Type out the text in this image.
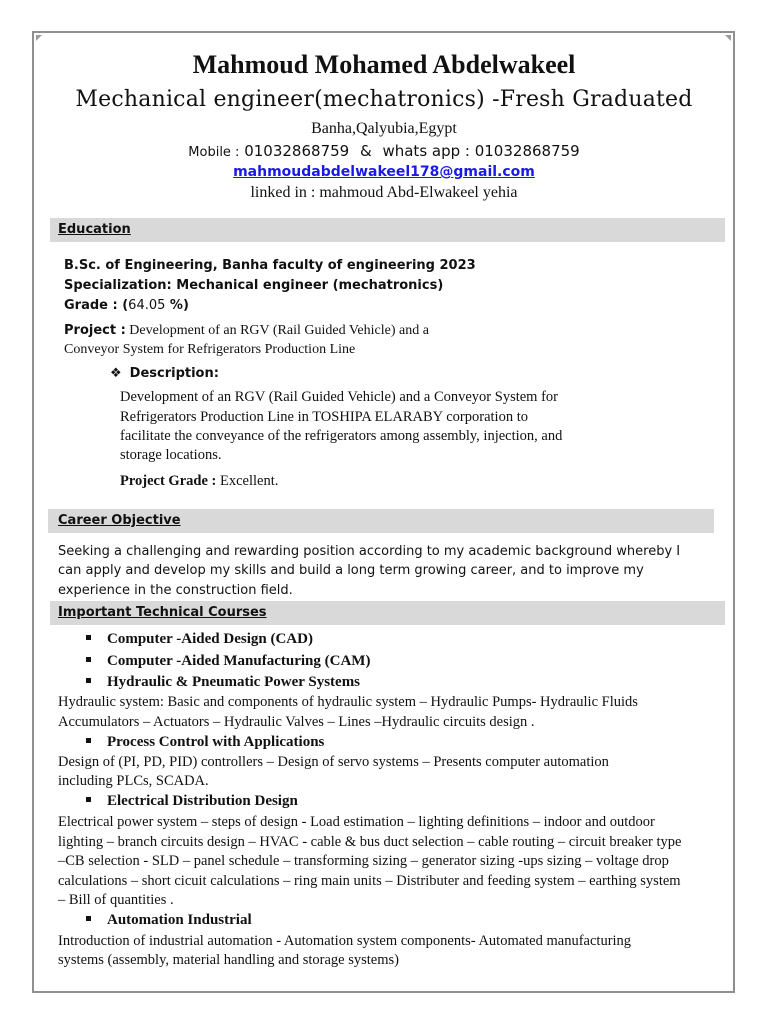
Mahmoud Mohamed Abdelwakeel
Mechanical engineer(mechatronics) -Fresh Graduated
Banha,Qalyubia,Egypt
Mobile : 01032868759 & whats app : 01032868759
mahmoudabdelwakeel178@gmail.com
linked in : mahmoud Abd-Elwakeel yehia
Education
B.Sc. of Engineering, Banha faculty of engineering 2023
Specialization: Mechanical engineer (mechatronics)
Grade : (64.05 %)
Project : Development of an RGV (Rail Guided Vehicle) and a
Conveyor System for Refrigerators Production Line
❖ Description:
Development of an RGV (Rail Guided Vehicle) and a Conveyor System for
Refrigerators Production Line in TOSHIPA ELARABY corporation to
facilitate the conveyance of the refrigerators among assembly, injection, and
storage locations.
Project Grade : Excellent.
Career Objective
Seeking a challenging and rewarding position according to my academic background whereby I
can apply and develop my skills and build a long term growing career, and to improve my
experience in the construction field.
Important Technical Courses
Computer -Aided Design (CAD)
Computer -Aided Manufacturing (CAM)
Hydraulic & Pneumatic Power Systems
Hydraulic system: Basic and components of hydraulic system – Hydraulic Pumps- Hydraulic Fluids
Accumulators – Actuators – Hydraulic Valves – Lines –Hydraulic circuits design .
Process Control with Applications
Design of (PI, PD, PID) controllers – Design of servo systems – Presents computer automation
including PLCs, SCADA.
Electrical Distribution Design
Electrical power system – steps of design - Load estimation – lighting definitions – indoor and outdoor
lighting – branch circuits design – HVAC - cable & bus duct selection – cable routing – circuit breaker type
–CB selection - SLD – panel schedule – transforming sizing – generator sizing -ups sizing – voltage drop
calculations – short cicuit calculations – ring main units – Distributer and feeding system – earthing system
– Bill of quantities .
Automation Industrial
Introduction of industrial automation - Automation system components- Automated manufacturing
systems (assembly, material handling and storage systems)
